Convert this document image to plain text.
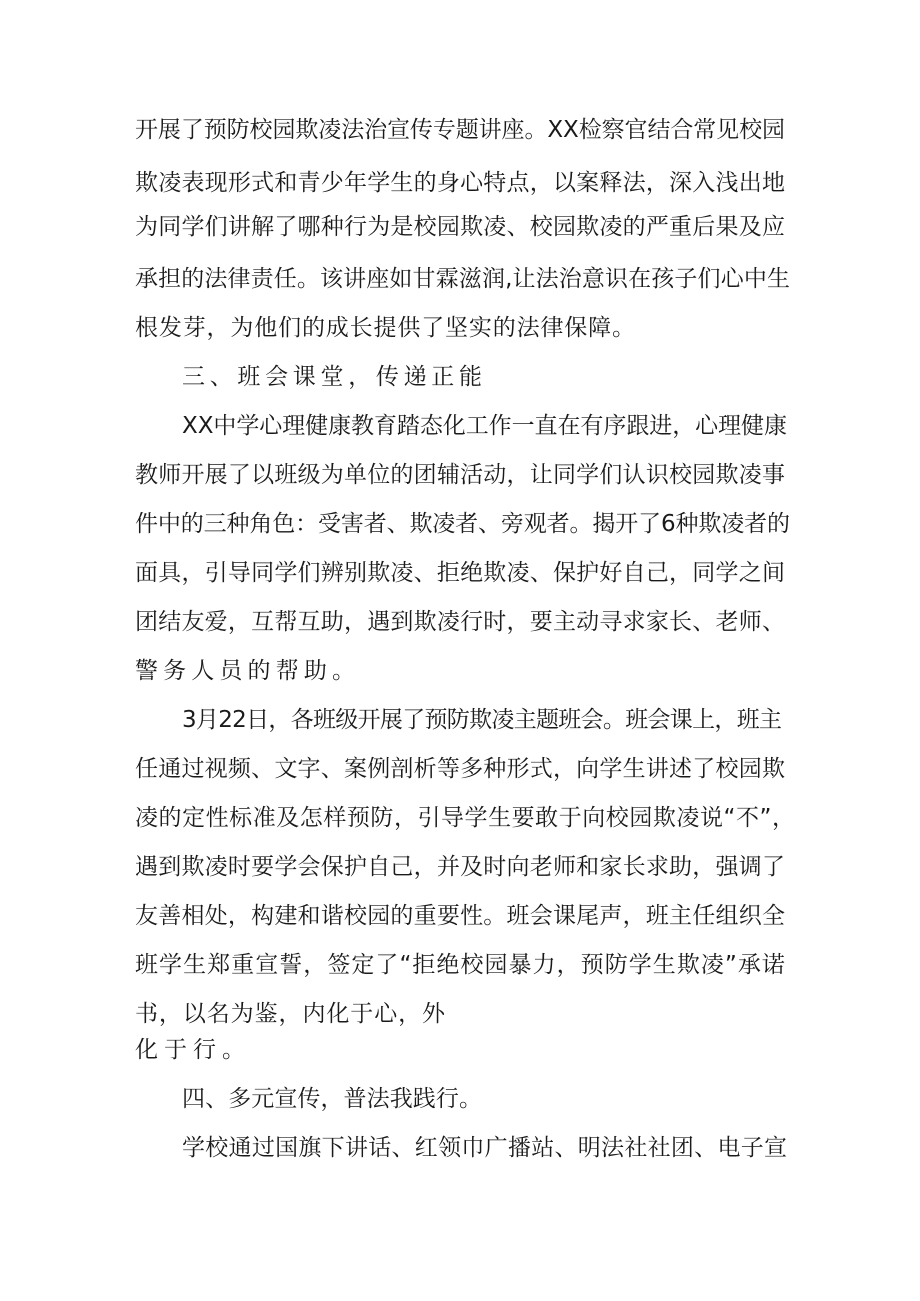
开展了预防校园欺凌法治宣传专题讲座。XX检察官结合常见校园
欺凌表现形式和青少年学生的身心特点，以案释法，深入浅出地
为同学们讲解了哪种行为是校园欺凌、校园欺凌的严重后果及应
承担的法律责任。该讲座如甘霖滋润,让法治意识在孩子们心中生
根发芽，为他们的成长提供了坚实的法律保障。
三、班会课堂，传递正能
XX中学心理健康教育踏态化工作一直在有序跟进，心理健康
教师开展了以班级为单位的团辅活动，让同学们认识校园欺凌事
件中的三种角色：受害者、欺凌者、旁观者。揭开了6种欺凌者的
面具，引导同学们辨别欺凌、拒绝欺凌、保护好自己，同学之间
团结友爱，互帮互助，遇到欺凌行时，要主动寻求家长、老师、
警务人员的帮助。
3月22日，各班级开展了预防欺凌主题班会。班会课上，班主
任通过视频、文字、案例剖析等多种形式，向学生讲述了校园欺
凌的定性标准及怎样预防，引导学生要敢于向校园欺凌说“不”，
遇到欺凌时要学会保护自己，并及时向老师和家长求助，强调了
友善相处，构建和谐校园的重要性。班会课尾声，班主任组织全
班学生郑重宣誓，签定了“拒绝校园暴力，预防学生欺凌”承诺
书，以名为鉴，内化于心，外
化于行。
四、多元宣传，普法我践行。
学校通过国旗下讲话、红领巾广播站、明法社社团、电子宣
